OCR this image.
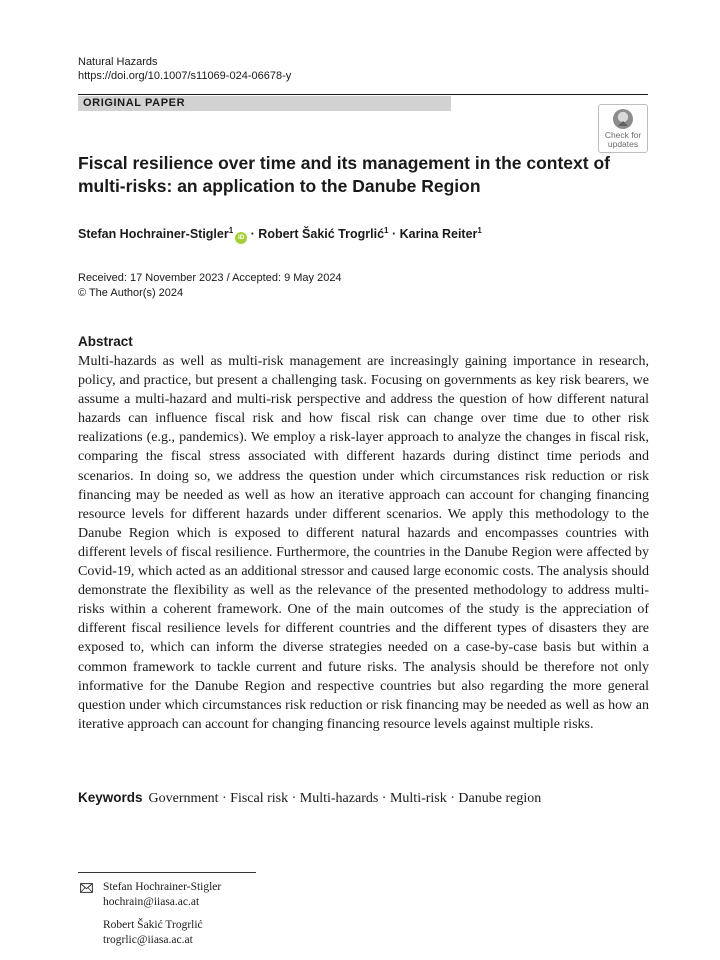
Natural Hazards
https://doi.org/10.1007/s11069-024-06678-y
ORIGINAL PAPER
Check for
updates
Fiscal resilience over time and its management in the context of multi-risks: an application to the Danube Region
Stefan Hochrainer-Stigler$^1$iD · Robert Šakić Trogrlić$^1$ · Karina Reiter$^1$
Received: 17 November 2023 / Accepted: 9 May 2024
© The Author(s) 2024
Abstract

Multi-hazards as well as multi-risk management are increasingly gaining importance in research, policy, and practice, but present a challenging task. Focusing on governments as key risk bearers, we assume a multi-hazard and multi-risk perspective and address the question of how different natural hazards can influence fiscal risk and how fiscal risk can change over time due to other risk realizations (e.g., pandemics). We employ a risk-layer approach to analyze the changes in fiscal risk, comparing the fiscal stress associated with different hazards during distinct time periods and scenarios. In doing so, we address the question under which circumstances risk reduction or risk financing may be needed as well as how an iterative approach can account for changing financing resource levels for different hazards under different scenarios. We apply this methodology to the Danube Region which is exposed to different natural hazards and encompasses countries with different levels of fiscal resilience. Furthermore, the countries in the Danube Region were affected by Covid-19, which acted as an additional stressor and caused large economic costs. The analysis should demonstrate the flexibility as well as the relevance of the presented methodology to address multi-risks within a coherent framework. One of the main outcomes of the study is the appreciation of different fiscal resilience levels for different countries and the different types of disasters they are exposed to, which can inform the diverse strategies needed on a case-by-case basis but within a common framework to tackle current and future risks. The analysis should be therefore not only informative for the Danube Region and respective countries but also regarding the more general question under which circumstances risk reduction or risk financing may be needed as well as how an iterative approach can account for changing financing resource levels against multiple risks.

Keywords Government · Fiscal risk · Multi-hazards · Multi-risk · Danube region
Stefan Hochrainer-Stigler
hochrain@iiasa.ac.at
Robert Šakić Trogrlić
trogrlic@iiasa.ac.at
